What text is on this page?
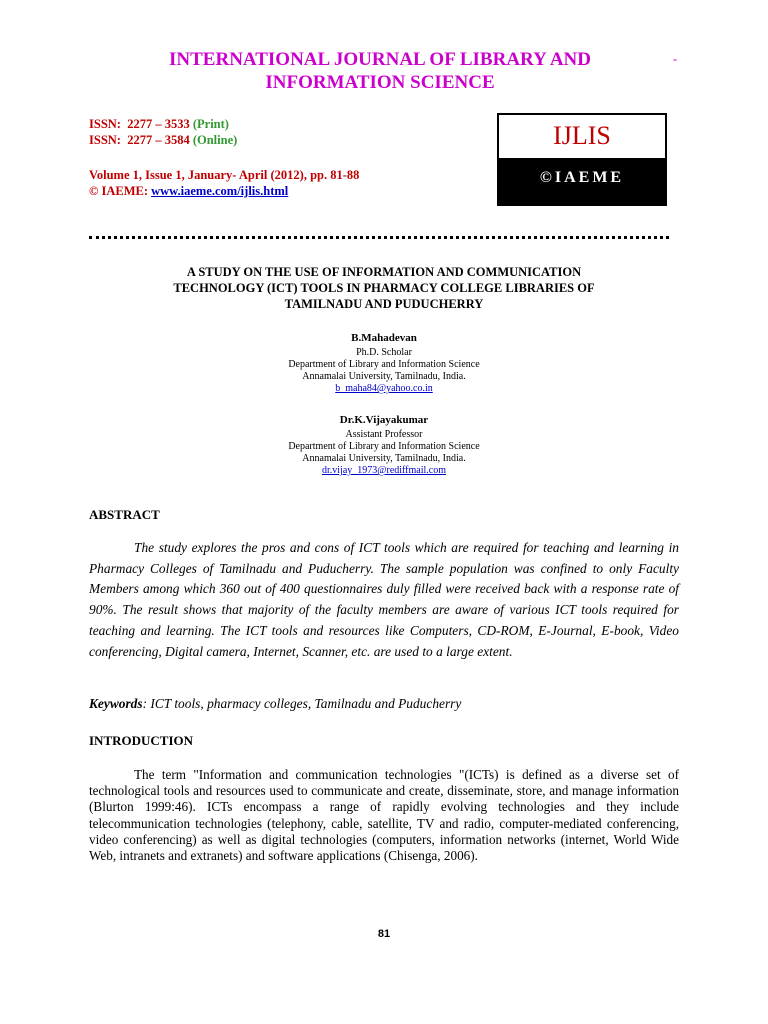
INTERNATIONAL JOURNAL OF LIBRARY AND
INFORMATION SCIENCE
-
ISSN: 2277 – 3533 (Print)
ISSN: 2277 – 3584 (Online)
Volume 1, Issue 1, January- April (2012), pp. 81-88
© IAEME: www.iaeme.com/ijlis.html
IJLIS
©IAEME
A STUDY ON THE USE OF INFORMATION AND COMMUNICATION
TECHNOLOGY (ICT) TOOLS IN PHARMACY COLLEGE LIBRARIES OF
TAMILNADU AND PUDUCHERRY
B.Mahadevan
Ph.D. Scholar
Department of Library and Information Science
Annamalai University, Tamilnadu, India.
b_maha84@yahoo.co.in
Dr.K.Vijayakumar
Assistant Professor
Department of Library and Information Science
Annamalai University, Tamilnadu, India.
dr.vijay_1973@rediffmail.com
ABSTRACT
The study explores the pros and cons of ICT tools which are required for teaching and learning in Pharmacy Colleges of Tamilnadu and Puducherry. The sample population was confined to only Faculty Members among which 360 out of 400 questionnaires duly filled were received back with a response rate of 90%. The result shows that majority of the faculty members are aware of various ICT tools required for teaching and learning. The ICT tools and resources like Computers, CD-ROM, E-Journal, E-book, Video conferencing, Digital camera, Internet, Scanner, etc. are used to a large extent.
Keywords: ICT tools, pharmacy colleges, Tamilnadu and Puducherry
INTRODUCTION
The term "Information and communication technologies "(ICTs) is defined as a diverse set of technological tools and resources used to communicate and create, disseminate, store, and manage information (Blurton 1999:46). ICTs encompass a range of rapidly evolving technologies and they include telecommunication technologies (telephony, cable, satellite, TV and radio, computer-mediated conferencing, video conferencing) as well as digital technologies (computers, information networks (internet, World Wide Web, intranets and extranets) and software applications (Chisenga, 2006).
81
